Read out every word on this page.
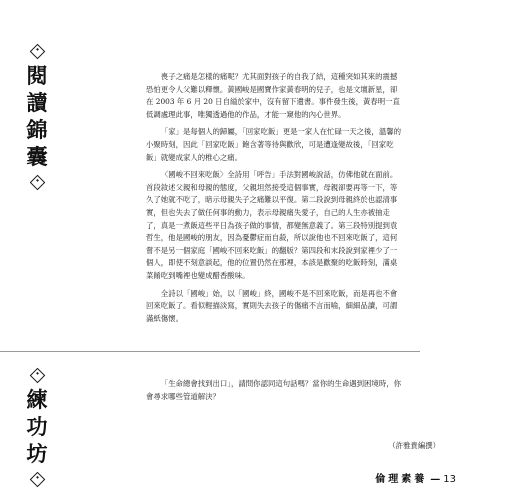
閱
讀
錦
囊

喪子之痛是怎樣的痛呢？尤其面對孩子的自我了結，這種突如其來的震撼恐怕更令人父難以釋懷。黃國峻是國寶作家黃春明的兒子，也是文壇新星，卻在 2003 年 6 月 20 日自縊於家中，沒有留下遺書。事件發生後，黃春明一直低調處理此事，唯獨透過他的作品，才能一窺他的內心世界。

「家」是每個人的歸屬，「回家吃飯」更是一家人在忙碌一天之後，溫馨的小聚時刻，因此「回家吃飯」飽含著等待與歡欣，可是遭逢變故後，「回家吃飯」就變成家人的椎心之痛。

〈國峻不回來吃飯〉全詩用「呼告」手法對國峻說話，仿佛他就在面前。首段敘述父親和母親的態度，父親坦然接受這個事實，母親卻要再等一下，等久了她就不吃了，暗示母親失子之痛難以平復。第二段說到母親終於也認清事實，但也失去了做任何事的動力，表示母親痛失愛子，自己的人生亦被抽走了，真是一煮飯這些平日為孩子做的事情，都變無意義了。第三段特別提到袁哲生，他是國峻的朋友，因為憂鬱症而自殺，所以說他也不回來吃飯了，這何嘗不是另一個家庭「國峻不回來吃飯」的翻版？第四段和末段說到家裡少了一個人，即使不刻意談起，他的位置仍然在那裡，本該是歡聚的吃飯時刻，滿桌菜餚吃到嘴裡也變成醋香酸味。

全詩以「國峻」始，以「國峻」終，國峻不是不回來吃飯，而是再也不會回來吃飯了。看似輕描淡寫，實則失去孩子的傷痛不言而喻，細細品讀，可謂滿紙傷懷。

練
功
坊

「生命總會找到出口」，請問你認同這句話嗎？當你的生命遇到困境時，你會尋求哪些管道解決？

（許雅貴編撰）
倫理素養 — 13
